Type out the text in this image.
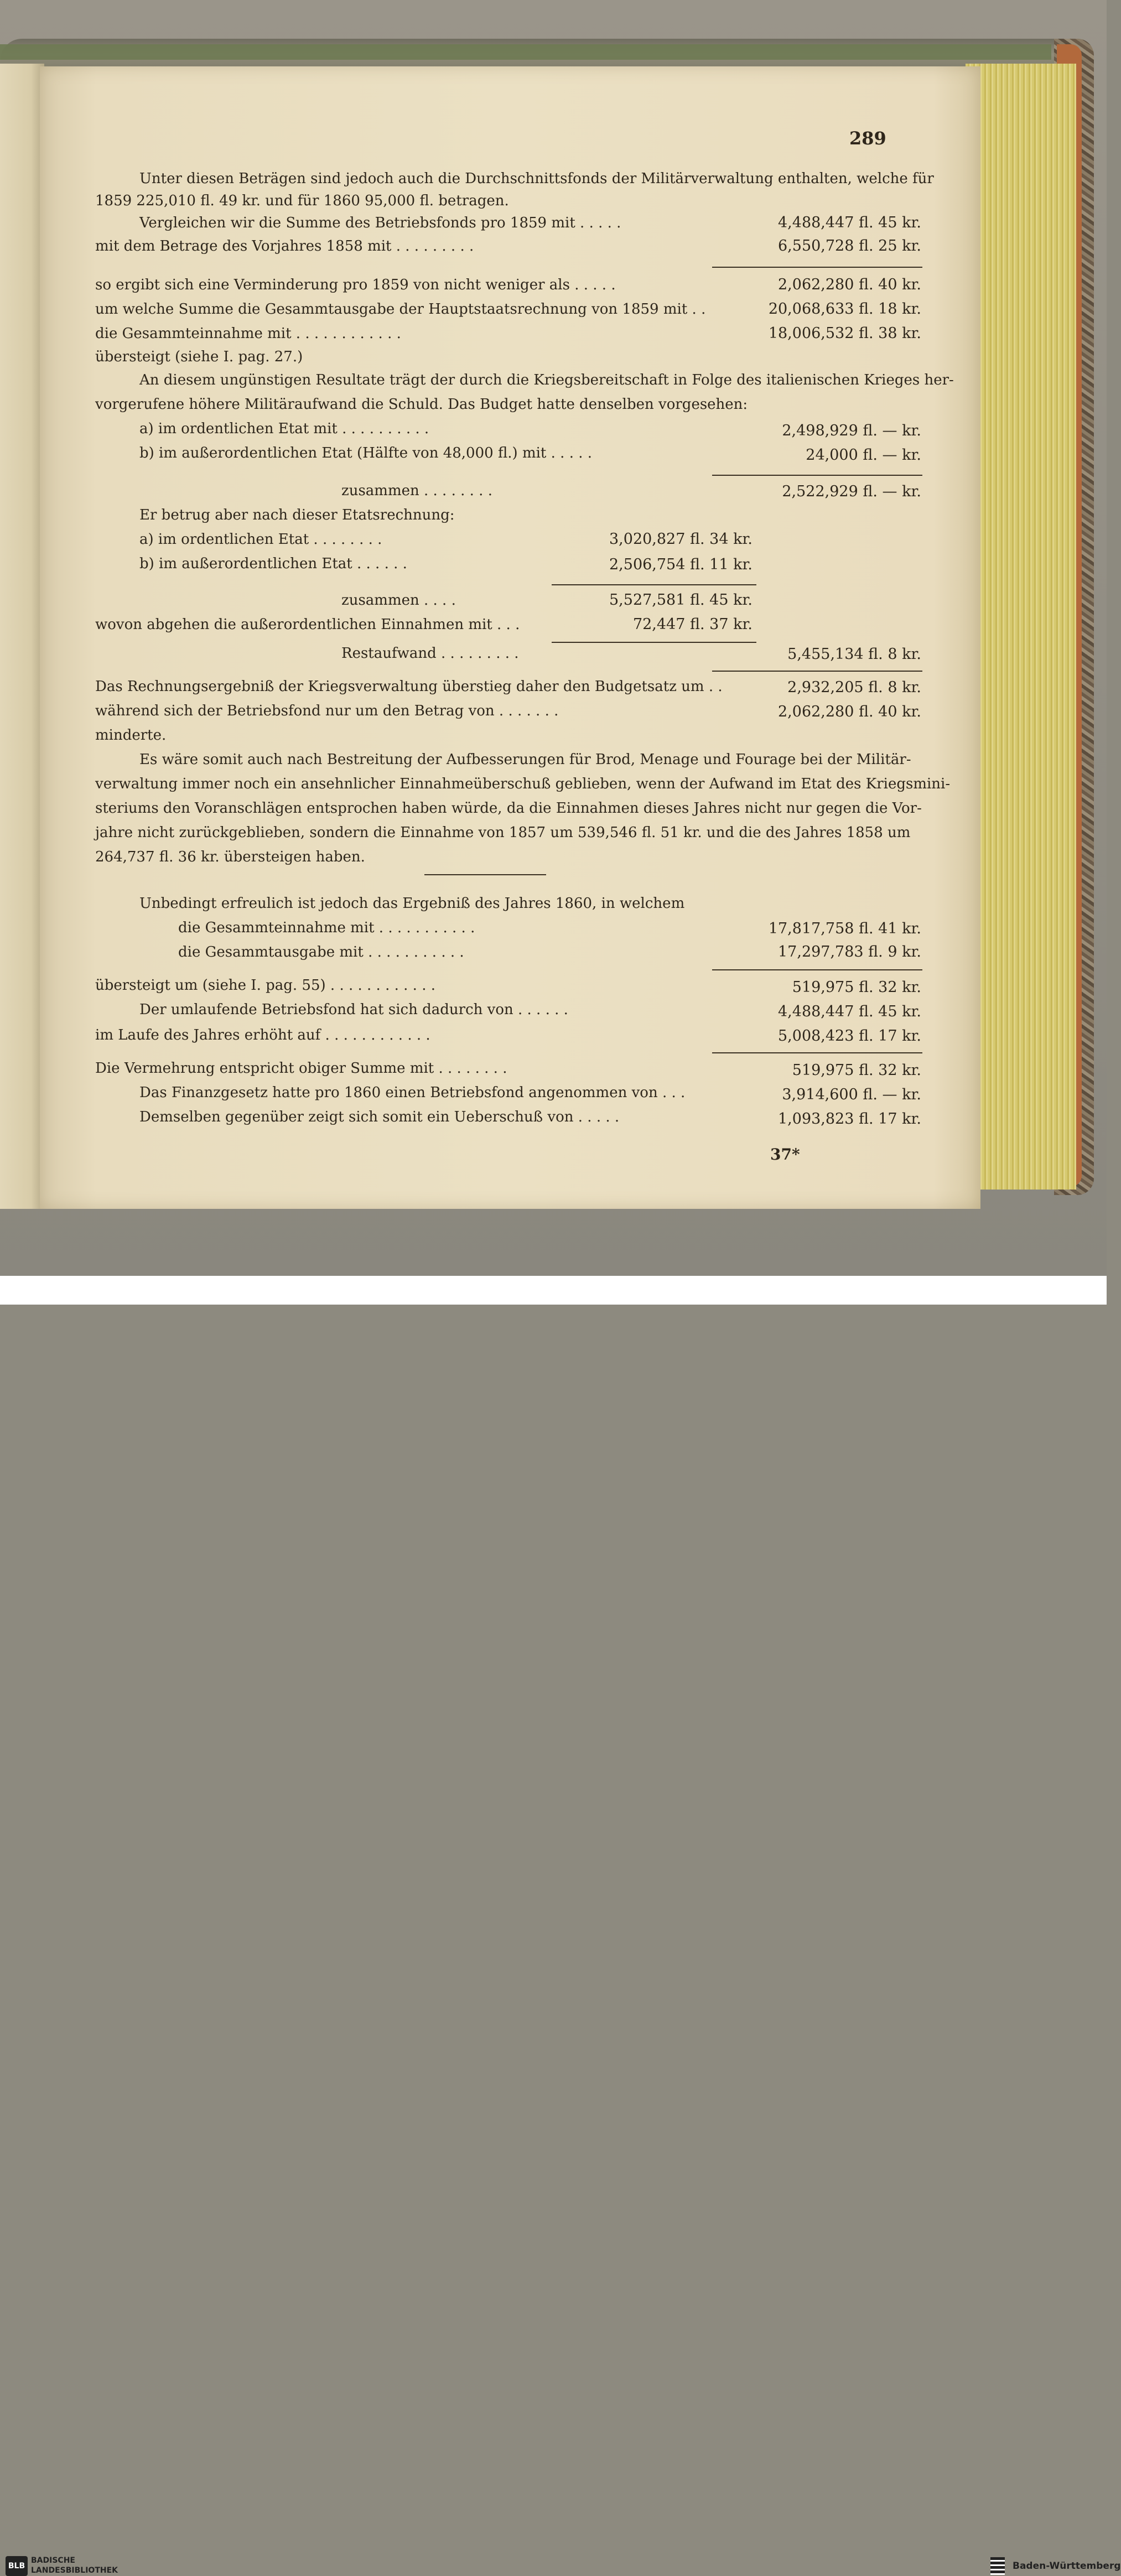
289
Unter diesen Beträgen sind jedoch auch die Durchschnittsfonds der Militärverwaltung enthalten, welche für
1859 225,010 fl. 49 kr. und für 1860 95,000 fl. betragen.
Vergleichen wir die Summe des Betriebsfonds pro 1859 mit . . . . .	4,488,447 fl. 45 kr.
mit dem Betrage des Vorjahres 1858 mit . . . . . . . . .	6,550,728 fl. 25 kr.
so ergibt sich eine Verminderung pro 1859 von nicht weniger als . . . . .	2,062,280 fl. 40 kr.
um welche Summe die Gesammtausgabe der Hauptstaatsrechnung von 1859 mit . .	20,068,633 fl. 18 kr.
die Gesammteinnahme mit . . . . . . . . . . . .	18,006,532 fl. 38 kr.
übersteigt (siehe I. pag. 27.)
An diesem ungünstigen Resultate trägt der durch die Kriegsbereitschaft in Folge des italienischen Krieges her-
vorgerufene höhere Militäraufwand die Schuld. Das Budget hatte denselben vorgesehen:
a) im ordentlichen Etat mit . . . . . . . . . .	2,498,929 fl. — kr.
b) im außerordentlichen Etat (Hälfte von 48,000 fl.) mit . . . . .	24,000 fl. — kr.
zusammen . . . . . . . .	2,522,929 fl. — kr.
Er betrug aber nach dieser Etatsrechnung:
a) im ordentlichen Etat . . . . . . . .	3,020,827 fl. 34 kr.
b) im außerordentlichen Etat . . . . . .	2,506,754 fl. 11 kr.
zusammen . . . .	5,527,581 fl. 45 kr.
wovon abgehen die außerordentlichen Einnahmen mit . . .	72,447 fl. 37 kr.
Restaufwand . . . . . . . . .	5,455,134 fl. 8 kr.
Das Rechnungsergebniß der Kriegsverwaltung überstieg daher den Budgetsatz um . .	2,932,205 fl. 8 kr.
während sich der Betriebsfond nur um den Betrag von . . . . . . .	2,062,280 fl. 40 kr.
minderte.
Es wäre somit auch nach Bestreitung der Aufbesserungen für Brod, Menage und Fourage bei der Militär-
verwaltung immer noch ein ansehnlicher Einnahmeüberschuß geblieben, wenn der Aufwand im Etat des Kriegsmini-
steriums den Voranschlägen entsprochen haben würde, da die Einnahmen dieses Jahres nicht nur gegen die Vor-
jahre nicht zurückgeblieben, sondern die Einnahme von 1857 um 539,546 fl. 51 kr. und die des Jahres 1858 um
264,737 fl. 36 kr. übersteigen haben.
Unbedingt erfreulich ist jedoch das Ergebniß des Jahres 1860, in welchem
die Gesammteinnahme mit . . . . . . . . . . .	17,817,758 fl. 41 kr.
die Gesammtausgabe mit . . . . . . . . . . .	17,297,783 fl. 9 kr.
übersteigt um (siehe I. pag. 55) . . . . . . . . . . . .	519,975 fl. 32 kr.
Der umlaufende Betriebsfond hat sich dadurch von . . . . . .	4,488,447 fl. 45 kr.
im Laufe des Jahres erhöht auf . . . . . . . . . . . .	5,008,423 fl. 17 kr.
Die Vermehrung entspricht obiger Summe mit . . . . . . . .	519,975 fl. 32 kr.
Das Finanzgesetz hatte pro 1860 einen Betriebsfond angenommen von . . .	3,914,600 fl. — kr.
Demselben gegenüber zeigt sich somit ein Ueberschuß von . . . . .	1,093,823 fl. 17 kr.
37*
BLB
BADISCHE
LANDESBIBLIOTHEK	Baden-Württemberg
